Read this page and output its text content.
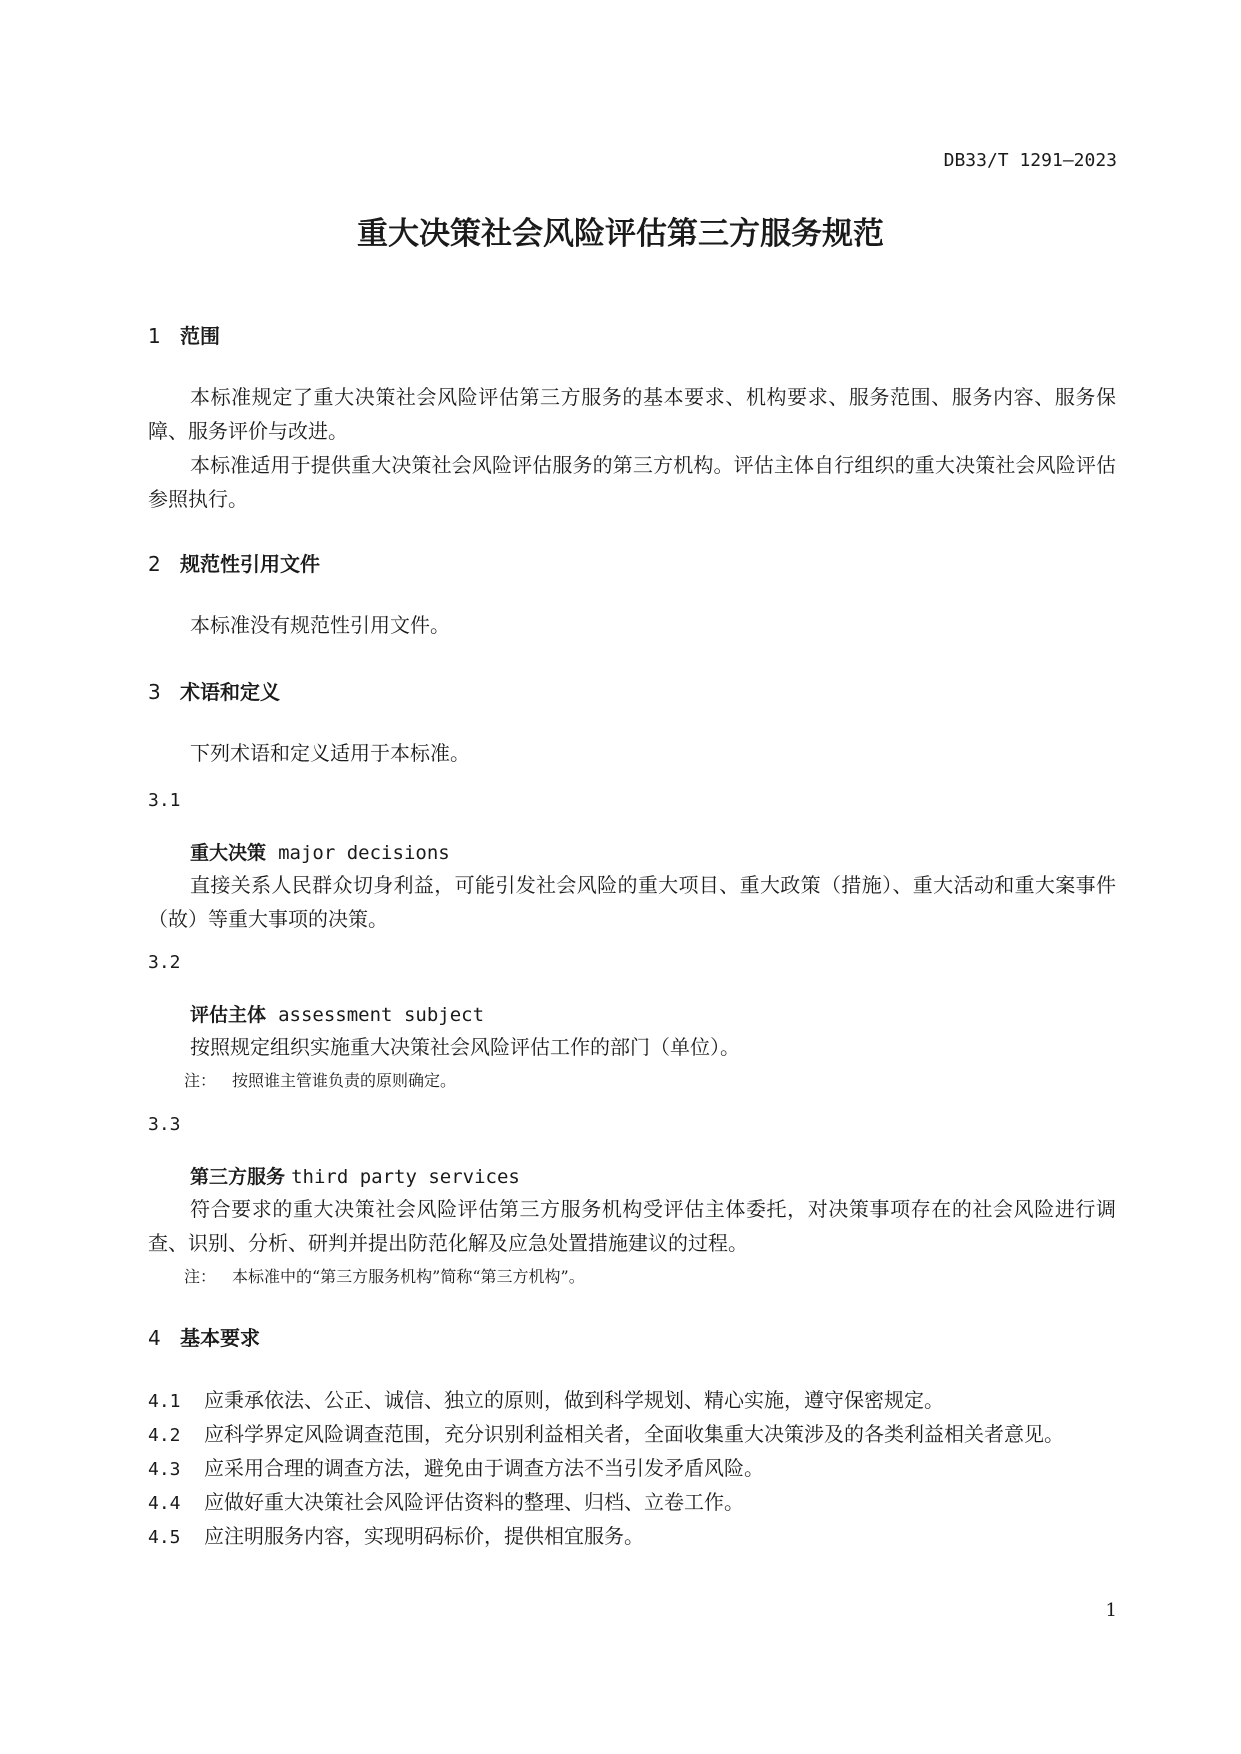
DB33/T 1291—2023
重大决策社会风险评估第三方服务规范
1 范围
本标准规定了重大决策社会风险评估第三方服务的基本要求、机构要求、服务范围、服务内容、服务保障、服务评价与改进。
本标准适用于提供重大决策社会风险评估服务的第三方机构。评估主体自行组织的重大决策社会风险评估参照执行。
2 规范性引用文件
本标准没有规范性引用文件。
3 术语和定义
下列术语和定义适用于本标准。
3.1
重大决策 major decisions
直接关系人民群众切身利益，可能引发社会风险的重大项目、重大政策（措施）、重大活动和重大案事件（故）等重大事项的决策。
3.2
评估主体 assessment subject
按照规定组织实施重大决策社会风险评估工作的部门（单位）。
注： 按照谁主管谁负责的原则确定。
3.3
第三方服务 third party services
符合要求的重大决策社会风险评估第三方服务机构受评估主体委托，对决策事项存在的社会风险进行调查、识别、分析、研判并提出防范化解及应急处置措施建议的过程。
注： 本标准中的“第三方服务机构”简称“第三方机构”。
4 基本要求
4.1 应秉承依法、公正、诚信、独立的原则，做到科学规划、精心实施，遵守保密规定。
4.2 应科学界定风险调查范围，充分识别利益相关者，全面收集重大决策涉及的各类利益相关者意见。
4.3 应采用合理的调查方法，避免由于调查方法不当引发矛盾风险。
4.4 应做好重大决策社会风险评估资料的整理、归档、立卷工作。
4.5 应注明服务内容，实现明码标价，提供相宜服务。
1
